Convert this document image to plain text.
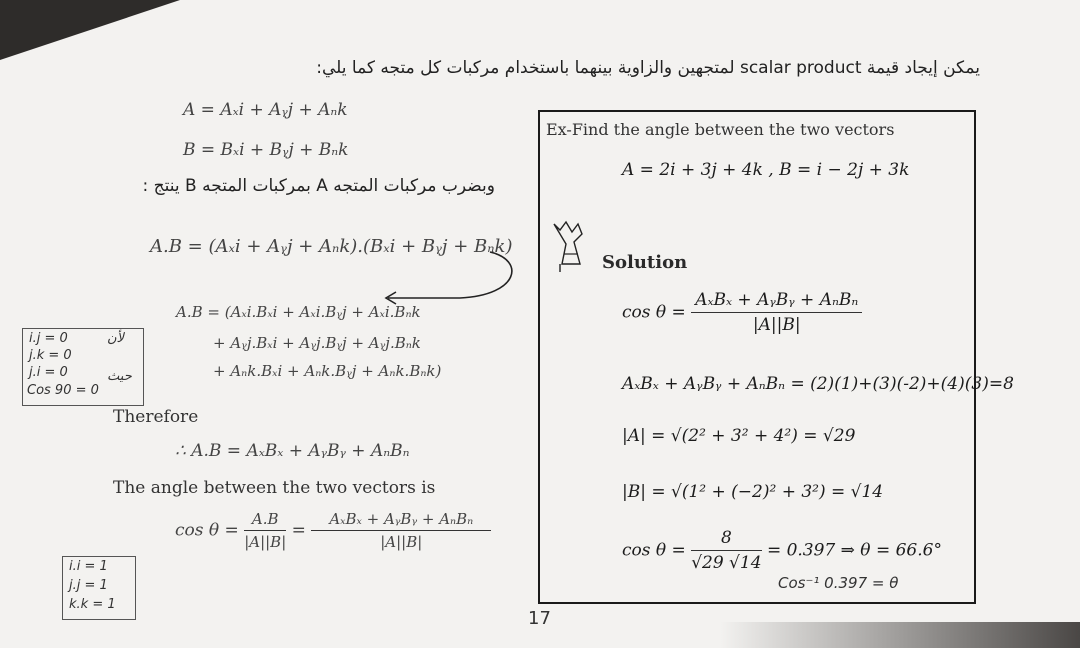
يمكن إيجاد قيمة scalar product لمتجهين والزاوية بينهما باستخدام مركبات كل متجه كما يلي:
A = Aₓi + Aᵧj + Aₙk
B = Bₓi + Bᵧj + Bₙk
وبضرب مركبات المتجه A بمركبات المتجه B ينتج :
A.B = (Aₓi + Aᵧj + Aₙk).(Bₓi + Bᵧj + Bₙk)
A.B = (Aₓi.Bₓi + Aₓi.Bᵧj + Aₓi.Bₙk
+ Aᵧj.Bₓi + Aᵧj.Bᵧj + Aᵧj.Bₙk
+ Aₙk.Bₓi + Aₙk.Bᵧj + Aₙk.Bₙk)
i.j = 0
j.k = 0
j.i = 0
Cos 90 = 0
لأن
حيث
Therefore
∴ A.B = AₓBₓ + AᵧBᵧ + AₙBₙ
The angle between the two vectors is
$\cos \theta = \frac{A.B}{|A||B|} = \frac{\text{AₓBₓ + AᵧBᵧ + AₙBₙ}}{|A||B|}$
i.i = 1
j.j = 1
k.k = 1
17
Ex-Find the angle between the two vectors
A = 2i + 3j + 4k , B = i − 2j + 3k
Solution
$\cos \theta = \frac{\text{AₓBₓ + AᵧBᵧ + AₙBₙ}}{|A||B|}$
AₓBₓ + AᵧBᵧ + AₙBₙ = (2)(1)+(3)(-2)+(4)(3)=8
|A| = √(2² + 3² + 4²) = √29
|B| = √(1² + (−2)² + 3²) = √14
$\cos \theta = \frac{8}{√29 √14} = 0.397$ ⇒ θ = 66.6°
Cos⁻¹ 0.397 = θ
